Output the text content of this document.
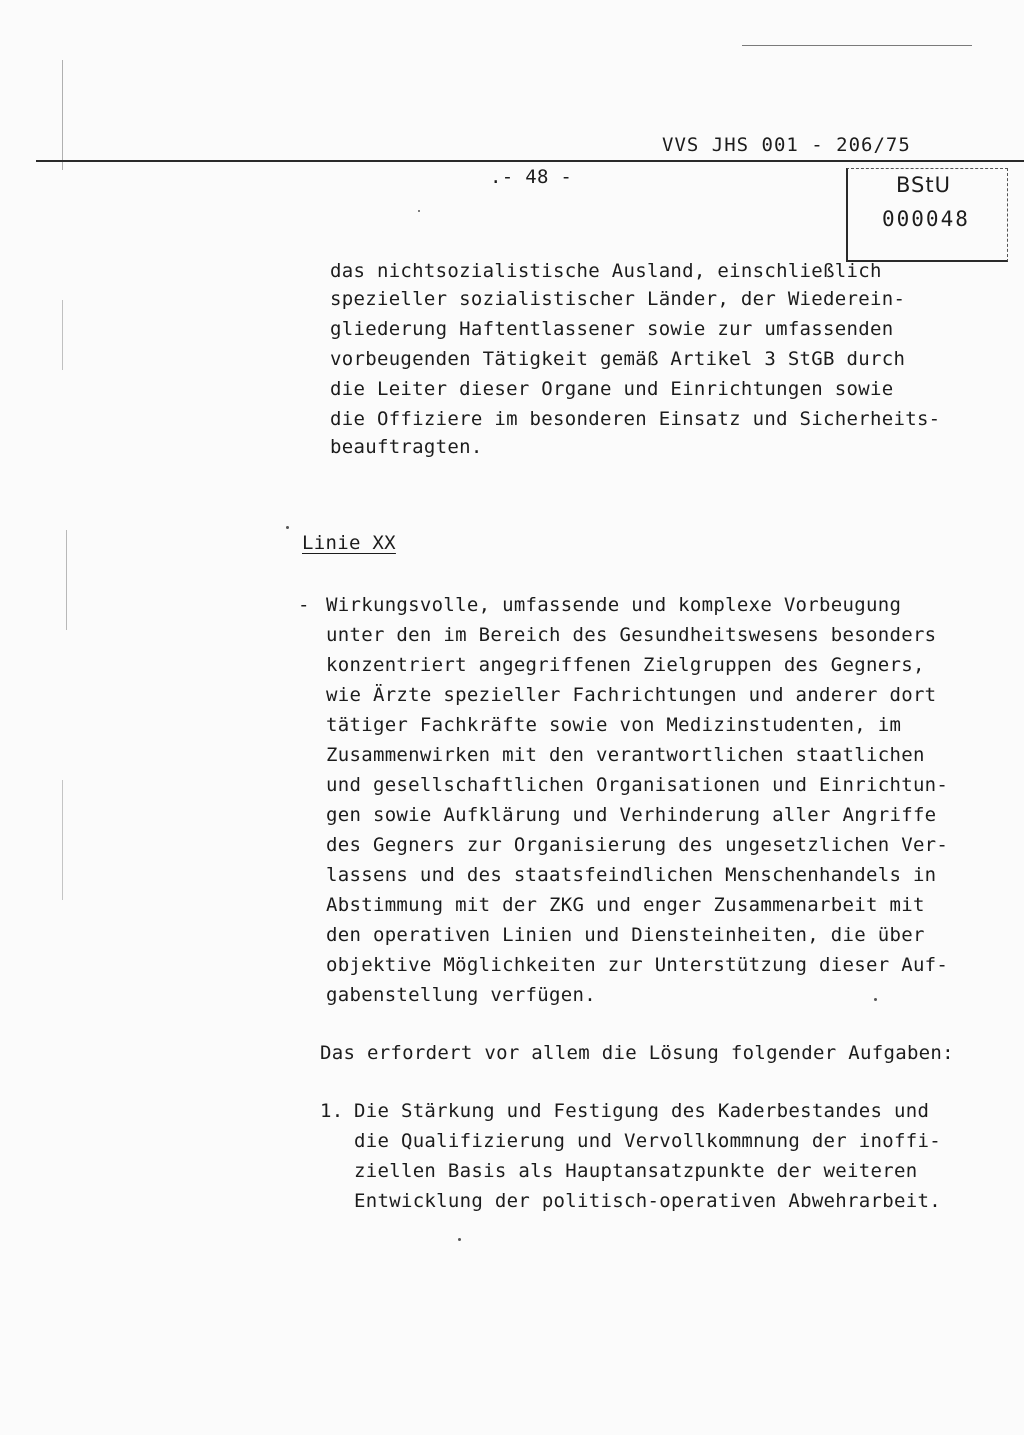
VVS JHS 001 - 206/75
.- 48 -	BStU
000048
das nichtsozialistische Ausland, einschließlich
spezieller sozialistischer Länder, der Wiederein-
gliederung Haftentlassener sowie zur umfassenden
vorbeugenden Tätigkeit gemäß Artikel 3 StGB durch
die Leiter dieser Organe und Einrichtungen sowie
die Offiziere im besonderen Einsatz und Sicherheits-
beauftragten.
Linie XX
- Wirkungsvolle, umfassende und komplexe Vorbeugung
unter den im Bereich des Gesundheitswesens besonders
konzentriert angegriffenen Zielgruppen des Gegners,
wie Ärzte spezieller Fachrichtungen und anderer dort
tätiger Fachkräfte sowie von Medizinstudenten, im
Zusammenwirken mit den verantwortlichen staatlichen
und gesellschaftlichen Organisationen und Einrichtun-
gen sowie Aufklärung und Verhinderung aller Angriffe
des Gegners zur Organisierung des ungesetzlichen Ver-
lassens und des staatsfeindlichen Menschenhandels in
Abstimmung mit der ZKG und enger Zusammenarbeit mit
den operativen Linien und Diensteinheiten, die über
objektive Möglichkeiten zur Unterstützung dieser Auf-
gabenstellung verfügen.
Das erfordert vor allem die Lösung folgender Aufgaben:
1. Die Stärkung und Festigung des Kaderbestandes und
die Qualifizierung und Vervollkommnung der inoffi-
ziellen Basis als Hauptansatzpunkte der weiteren
Entwicklung der politisch-operativen Abwehrarbeit.
